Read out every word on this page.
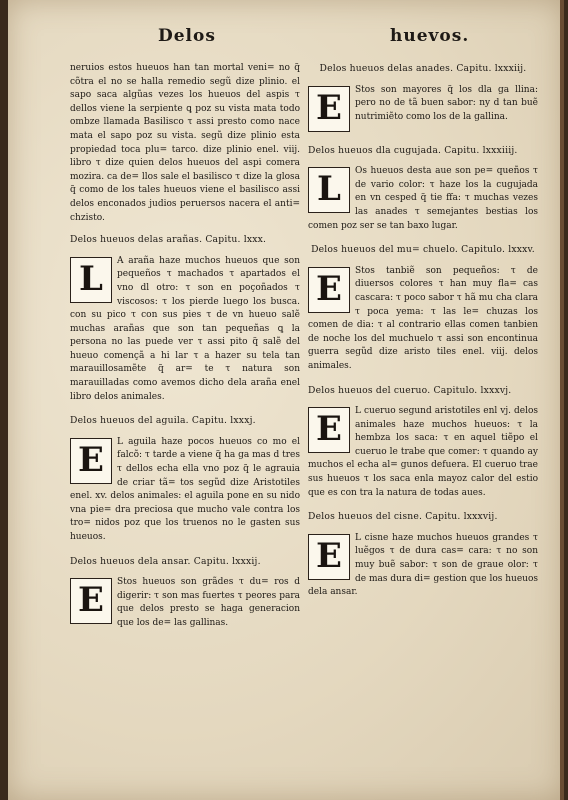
Delos	huevos.

neruios estos hueuos han tan mortal veni= no q̃ cõtra el no se halla remedio segũ dize plinio. el sapo saca algũas vezes los hueuos del aspis τ dellos viene la serpiente ꝗ poz su vista mata todo ombze llamada Basilisco τ assi presto como nace mata el sapo poz su vista. segũ dize plinio esta propiedad toca plu= tarco. dize plinio enel. viij. libro τ dize quien delos hueuos del aspi comera mozira. ca de= llos sale el basilisco τ dize la glosa q̃ como de los tales hueuos viene el basilisco assi delos enconados judios peruersos nacera el anti= chzisto.

Delos hueuos delas arañas. Capitu. lxxx.
L	A araña haze muchos hueuos que son pequeños τ machados τ apartados el vno dl otro: τ son en poçoñados τ viscosos: τ los pierde luego los busca. con su pico τ con sus pies τ de vn hueuo salẽ muchas arañas que son tan pequeñas ꝗ la persona no las puede ver τ assi pito q̃ salẽ del hueuo començã a hi lar τ a hazer su tela tan marauillosamẽte q̃ ar= te τ natura son marauilladas como avemos dicho dela araña enel libro delos animales.

Delos hueuos del aguila. Capitu. lxxxj.
E	L aguila haze pocos hueuos co mo el falcõ: τ tarde a viene q̃ ha ga mas d tres τ dellos echa ella vno poz q̃ le agrauia de criar tã= tos segũd dize Aristotiles enel. xv. delos animales: el aguila pone en su nido vna pie= dra preciosa que mucho vale contra los tro= nidos poz que los truenos no le gasten sus hueuos.

Delos hueuos dela ansar. Capitu. lxxxij.
E	Stos hueuos son grãdes τ du= ros d digerir: τ son mas fuertes τ peores para que delos presto se haga generacion que los de= las gallinas.

Delos hueuos delas anades. Capitu. lxxxiij.
E	Stos son mayores q̃ los dla ga llina: pero no de tã buen sabor: ny d tan buẽ nutrimiẽto como los de la gallina.

Delos hueuos dla cugujada. Capitu. lxxxiiij.
L	Os hueuos desta aue son pe= queños τ de vario color: τ haze los la cugujada en vn cesped q̃ tie ffa: τ muchas vezes las anades τ semejantes bestias los comen poz ser se tan baxo lugar.

Delos hueuos del mu= chuelo. Capitulo. lxxxv.
E	Stos tanbiẽ son pequeños: τ de diuersos colores τ han muy fla= cas cascara: τ poco sabor τ hã mu cha clara τ poca yema: τ las le= chuzas los comen de dia: τ al contrario ellas comen tanbien de noche los del muchuelo τ assi son encontinua guerra segũd dize aristo tiles enel. viij. delos animales.

Delos hueuos del cueruo. Capitulo. lxxxvj.
E	L cueruo segund aristotiles enl vj. delos animales haze muchos hueuos: τ la hembza los saca: τ en aquel tiẽpo el cueruo le trabe que comer: τ quando ay muchos el echa al= gunos defuera. El cueruo trae sus hueuos τ los saca enla mayoz calor del estio que es con tra la natura de todas aues.

Delos hueuos del cisne. Capitu. lxxxvij.
E	L cisne haze muchos hueuos grandes τ luẽgos τ de dura cas= cara: τ no son muy buẽ sabor: τ son de graue olor: τ de mas dura di= gestion que los hueuos dela ansar.
